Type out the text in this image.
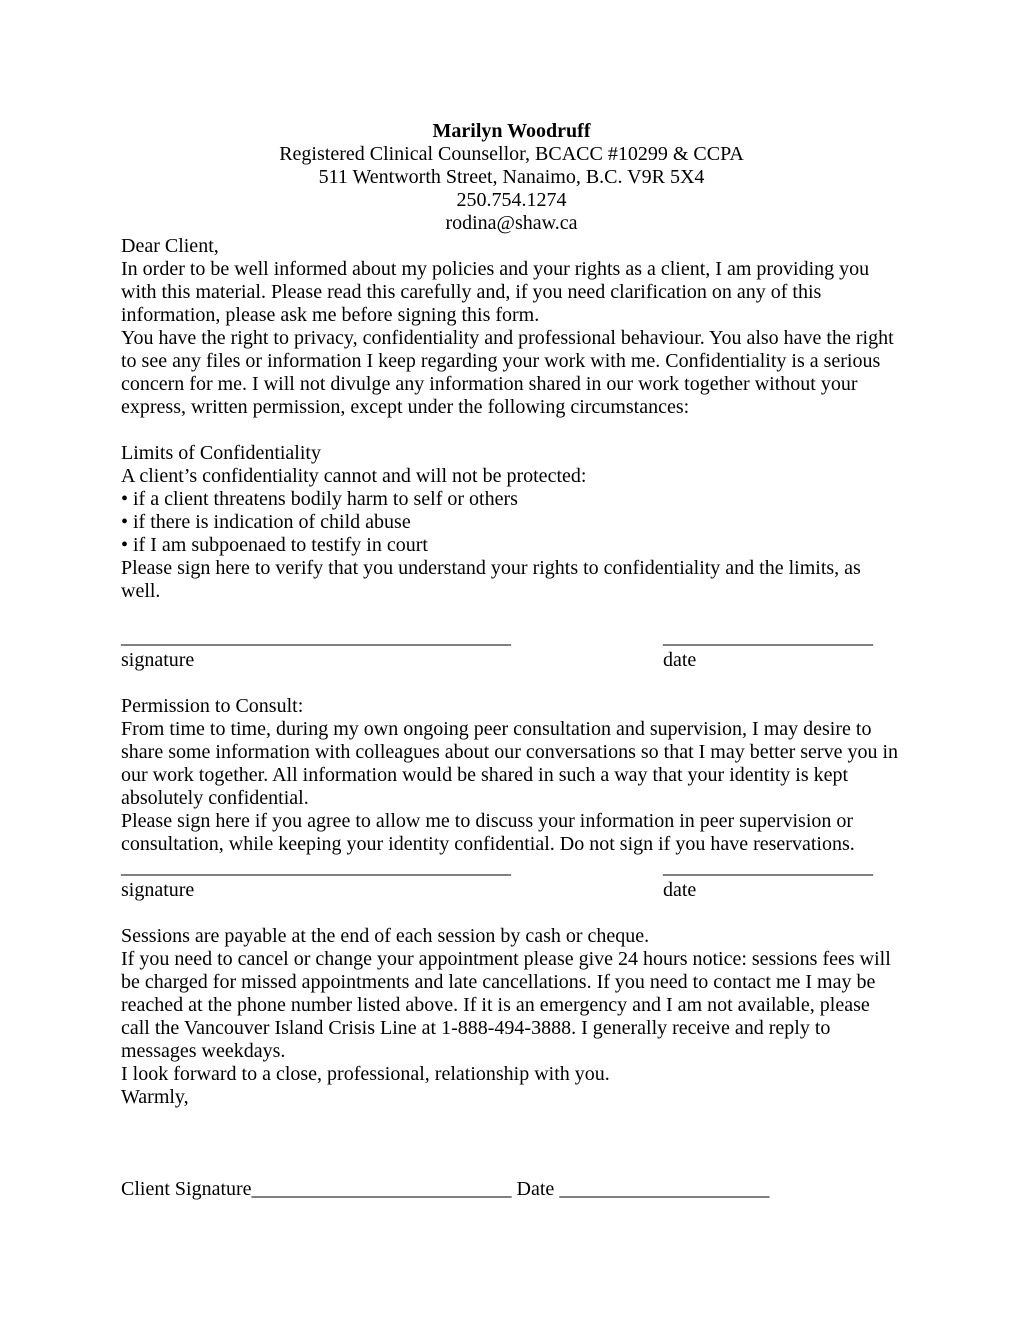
Marilyn Woodruff
Registered Clinical Counsellor, BCACC #10299 & CCPA
511 Wentworth Street, Nanaimo, B.C. V9R 5X4
250.754.1274
rodina@shaw.ca
Dear Client,
In order to be well informed about my policies and your rights as a client, I am providing you with this material. Please read this carefully and, if you need clarification on any of this information, please ask me before signing this form.
You have the right to privacy, confidentiality and professional behaviour. You also have the right to see any files or information I keep regarding your work with me. Confidentiality is a serious concern for me. I will not divulge any information shared in our work together without your express, written permission, except under the following circumstances:
Limits of Confidentiality
A client’s confidentiality cannot and will not be protected:
• if a client threatens bodily harm to self or others
• if there is indication of child abuse
• if I am subpoenaed to testify in court
Please sign here to verify that you understand your rights to confidentiality and the limits, as well.
_______________________________________	_____________________
signature	date
Permission to Consult:
From time to time, during my own ongoing peer consultation and supervision, I may desire to share some information with colleagues about our conversations so that I may better serve you in our work together. All information would be shared in such a way that your identity is kept absolutely confidential.
Please sign here if you agree to allow me to discuss your information in peer supervision or consultation, while keeping your identity confidential. Do not sign if you have reservations.
_______________________________________	_____________________
signature	date
Sessions are payable at the end of each session by cash or cheque.
If you need to cancel or change your appointment please give 24 hours notice: sessions fees will be charged for missed appointments and late cancellations. If you need to contact me I may be reached at the phone number listed above. If it is an emergency and I am not available, please call the Vancouver Island Crisis Line at 1-888-494-3888. I generally receive and reply to messages weekdays.
I look forward to a close, professional, relationship with you.
Warmly,
Client Signature__________________________ Date _____________________
